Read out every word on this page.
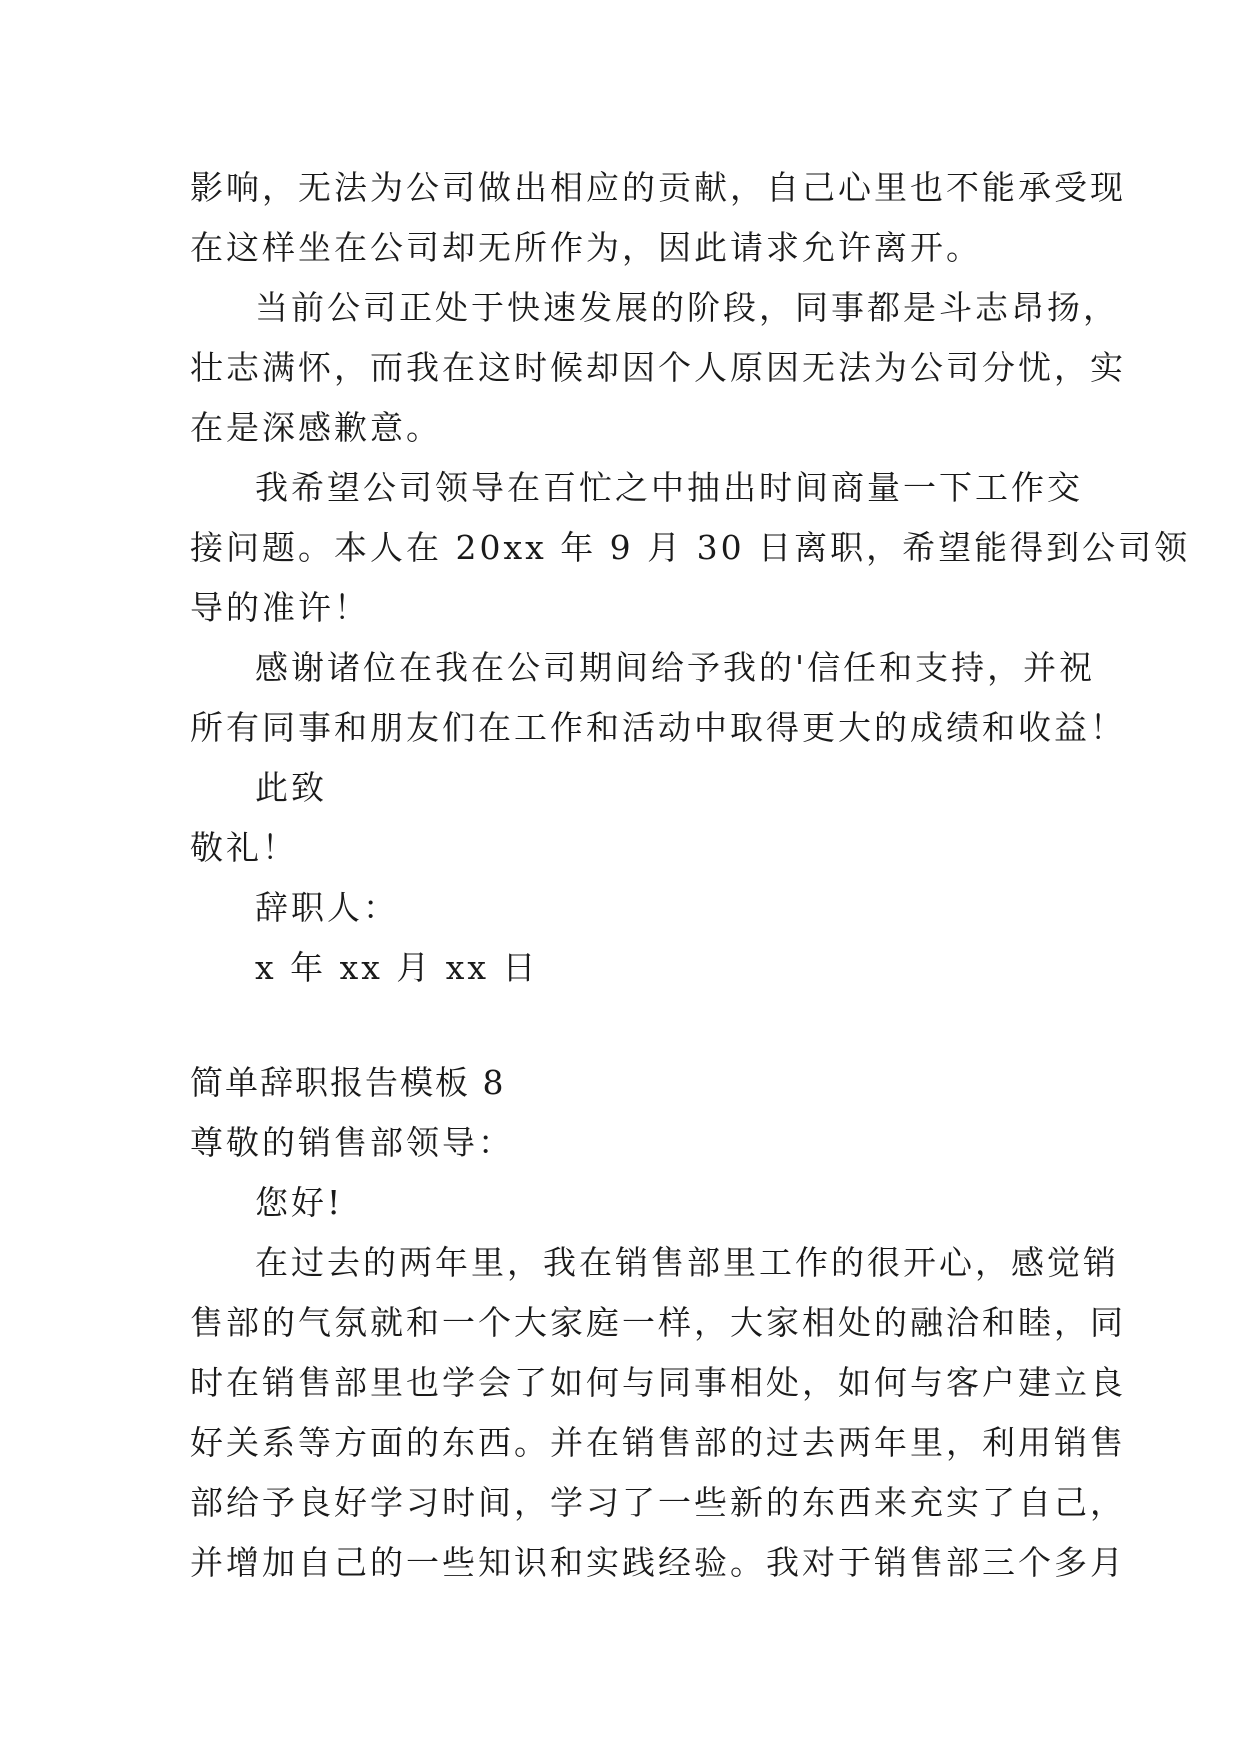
影响，无法为公司做出相应的贡献，自己心里也不能承受现
在这样坐在公司却无所作为，因此请求允许离开。
当前公司正处于快速发展的阶段，同事都是斗志昂扬，
壮志满怀，而我在这时候却因个人原因无法为公司分忧，实
在是深感歉意。
我希望公司领导在百忙之中抽出时间商量一下工作交
接问题。本人在 20xx 年 9 月 30 日离职，希望能得到公司领
导的准许！
感谢诸位在我在公司期间给予我的'信任和支持，并祝
所有同事和朋友们在工作和活动中取得更大的成绩和收益！
此致
敬礼！
辞职人：
x 年 xx 月 xx 日
简单辞职报告模板 8
尊敬的销售部领导：
您好!
在过去的两年里，我在销售部里工作的很开心，感觉销
售部的气氛就和一个大家庭一样，大家相处的融洽和睦，同
时在销售部里也学会了如何与同事相处，如何与客户建立良
好关系等方面的东西。并在销售部的过去两年里，利用销售
部给予良好学习时间，学习了一些新的东西来充实了自己，
并增加自己的一些知识和实践经验。我对于销售部三个多月
